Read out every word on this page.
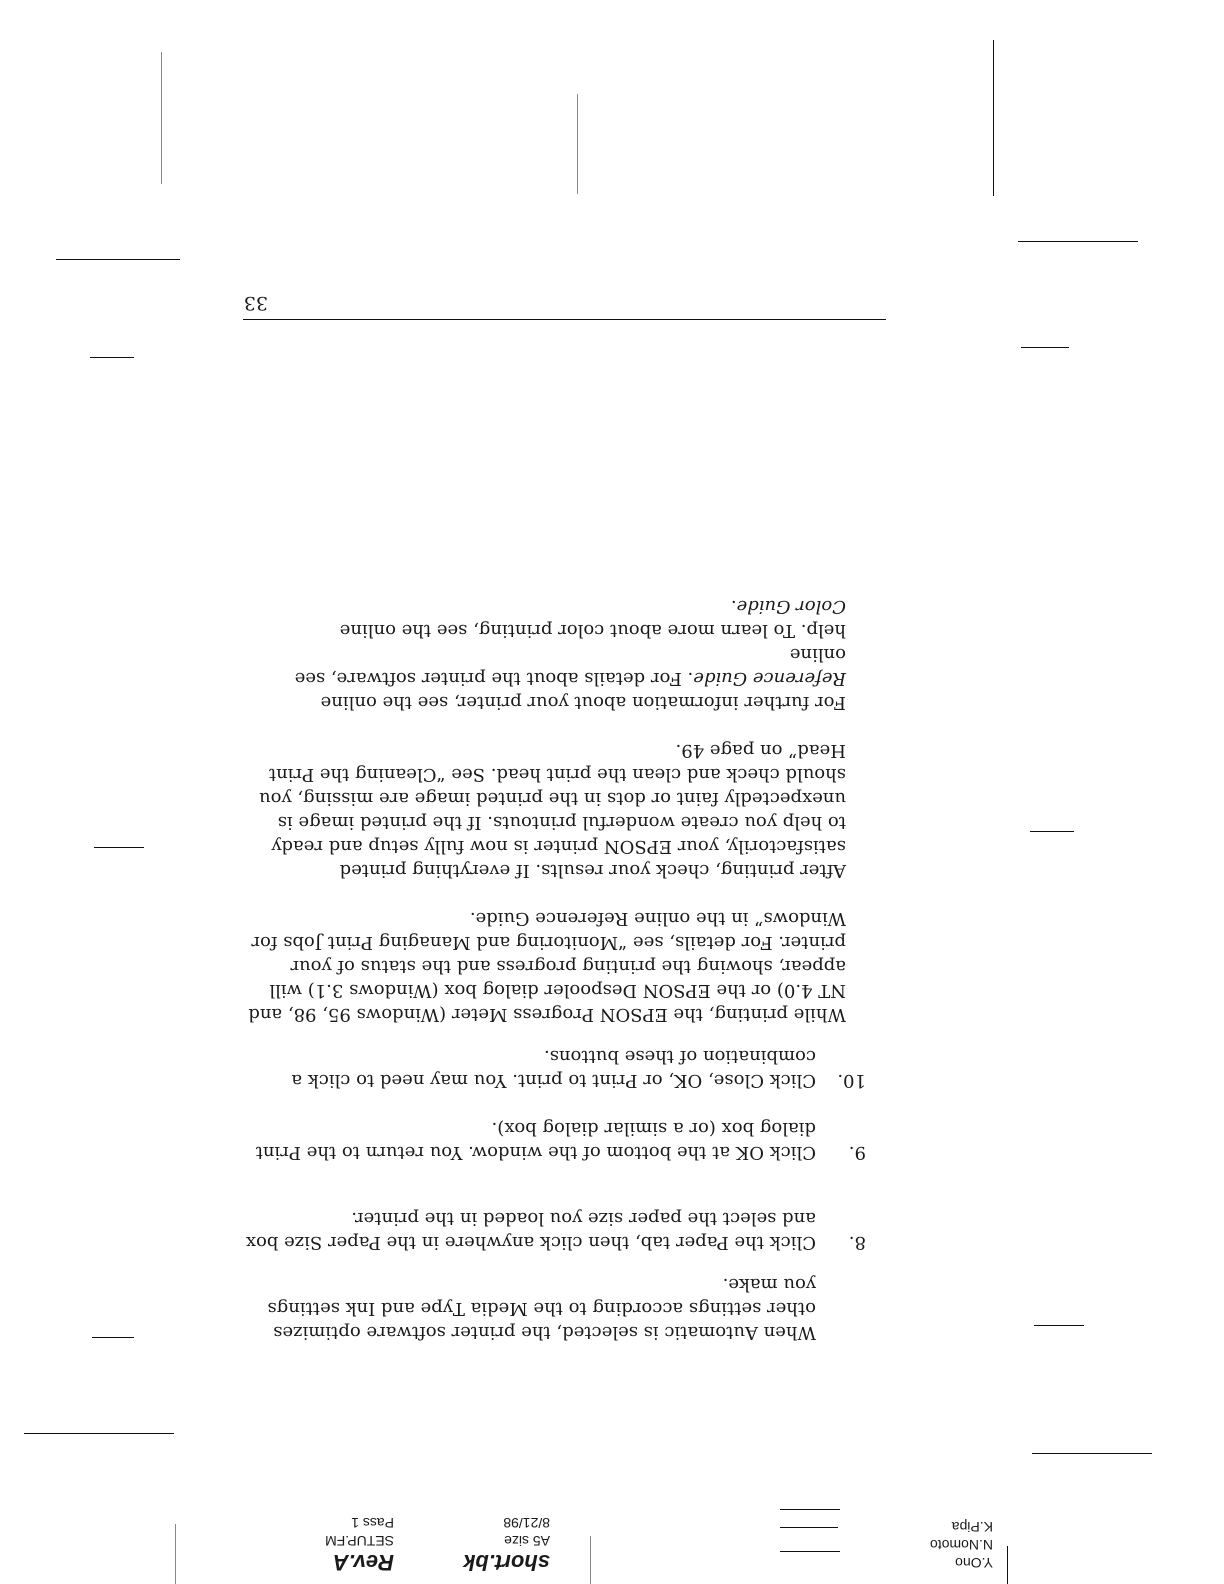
Y.Ono
N.Nomoto
K.Pipa
short.bk
A5 size
8/21/98
Rev.A
SETUP.FM
Pass 1
When Automatic is selected, the printer software optimizes
other settings according to the Media Type and Ink settings
you make.
8.
Click the Paper tab, then click anywhere in the Paper Size box
and select the paper size you loaded in the printer.
9.
Click OK at the bottom of the window. You return to the Print
dialog box (or a similar dialog box).
10.
Click Close, OK, or Print to print. You may need to click a
combination of these buttons.
While printing, the EPSON Progress Meter (Windows 95, 98, and
NT 4.0) or the EPSON Despooler dialog box (Windows 3.1) will
appear, showing the printing progress and the status of your
printer. For details, see “Monitoring and Managing Print Jobs for
Windows” in the online Reference Guide.
After printing, check your results. If everything printed
satisfactorily, your EPSON printer is now fully setup and ready
to help you create wonderful printouts. If the printed image is
unexpectedly faint or dots in the printed image are missing, you
should check and clean the print head. See “Cleaning the Print
Head” on page 49.
For further information about your printer, see the online
Reference Guide. For details about the printer software, see online
help. To learn more about color printing, see the online
Color Guide.
33
